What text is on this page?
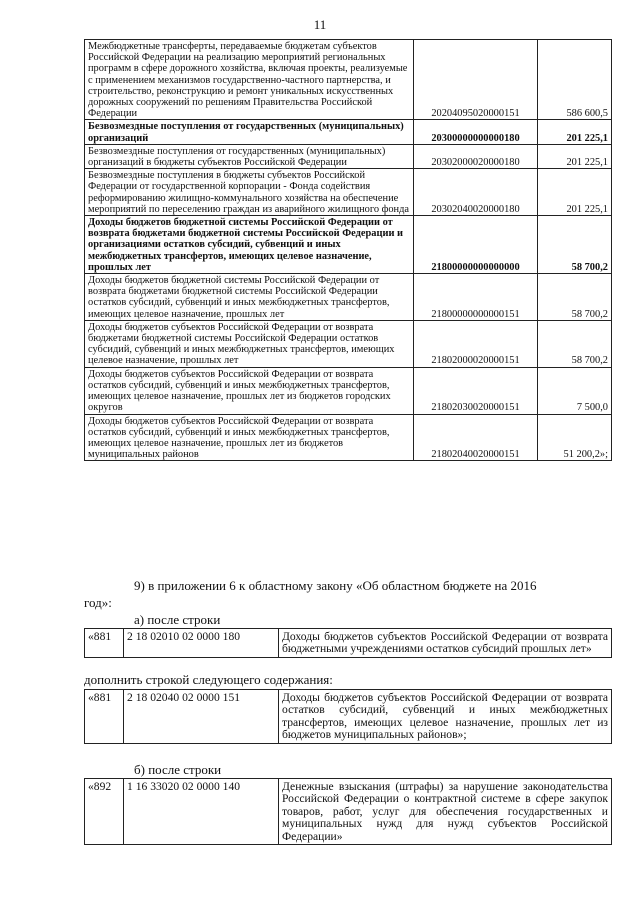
11
Межбюджетные трансферты, передаваемые бюджетам субъектов Российской Федерации на реализацию мероприятий региональных программ в сфере дорожного хозяйства, включая проекты, реализуемые с применением механизмов государственно-частного партнерства, и строительство, реконструкцию и ремонт уникальных искусственных дорожных сооружений по решениям Правительства Российской Федерации	20204095020000151	586 600,5
Безвозмездные поступления от государственных (муниципальных) организаций	20300000000000180	201 225,1
Безвозмездные поступления от государственных (муниципальных) организаций в бюджеты субъектов Российской Федерации	20302000020000180	201 225,1
Безвозмездные поступления в бюджеты субъектов Российской Федерации от государственной корпорации - Фонда содействия реформированию жилищно-коммунального хозяйства на обеспечение мероприятий по переселению граждан из аварийного жилищного фонда	20302040020000180	201 225,1
Доходы бюджетов бюджетной системы Российской Федерации от возврата бюджетами бюджетной системы Российской Федерации и организациями остатков субсидий, субвенций и иных межбюджетных трансфертов, имеющих целевое назначение, прошлых лет	21800000000000000	58 700,2
Доходы бюджетов бюджетной системы Российской Федерации от возврата бюджетами бюджетной системы Российской Федерации остатков субсидий, субвенций и иных межбюджетных трансфертов, имеющих целевое назначение, прошлых лет	21800000000000151	58 700,2
Доходы бюджетов субъектов Российской Федерации от возврата бюджетами бюджетной системы Российской Федерации остатков субсидий, субвенций и иных межбюджетных трансфертов, имеющих целевое назначение, прошлых лет	21802000020000151	58 700,2
Доходы бюджетов субъектов Российской Федерации от возврата остатков субсидий, субвенций и иных межбюджетных трансфертов, имеющих целевое назначение, прошлых лет из бюджетов городских округов	21802030020000151	7 500,0
Доходы бюджетов субъектов Российской Федерации от возврата остатков субсидий, субвенций и иных межбюджетных трансфертов, имеющих целевое назначение, прошлых лет из бюджетов муниципальных районов	21802040020000151	51 200,2»;
9) в приложении 6 к областному закону «Об областном бюджете на 2016
год»:
а) после строки
«881	2 18 02010 02 0000 180	Доходы бюджетов субъектов Российской Федерации от возврата бюджетными учреждениями остатков субсидий прошлых лет»
дополнить строкой следующего содержания:
«881	2 18 02040 02 0000 151	Доходы бюджетов субъектов Российской Федерации от возврата остатков субсидий, субвенций и иных межбюджетных трансфертов, имеющих целевое назначение, прошлых лет из бюджетов муниципальных районов»;
б) после строки
«892	1 16 33020 02 0000 140	Денежные взыскания (штрафы) за нарушение законодательства Российской Федерации о контрактной системе в сфере закупок товаров, работ, услуг для обеспечения государственных и муниципальных нужд для нужд субъектов Российской Федерации»
